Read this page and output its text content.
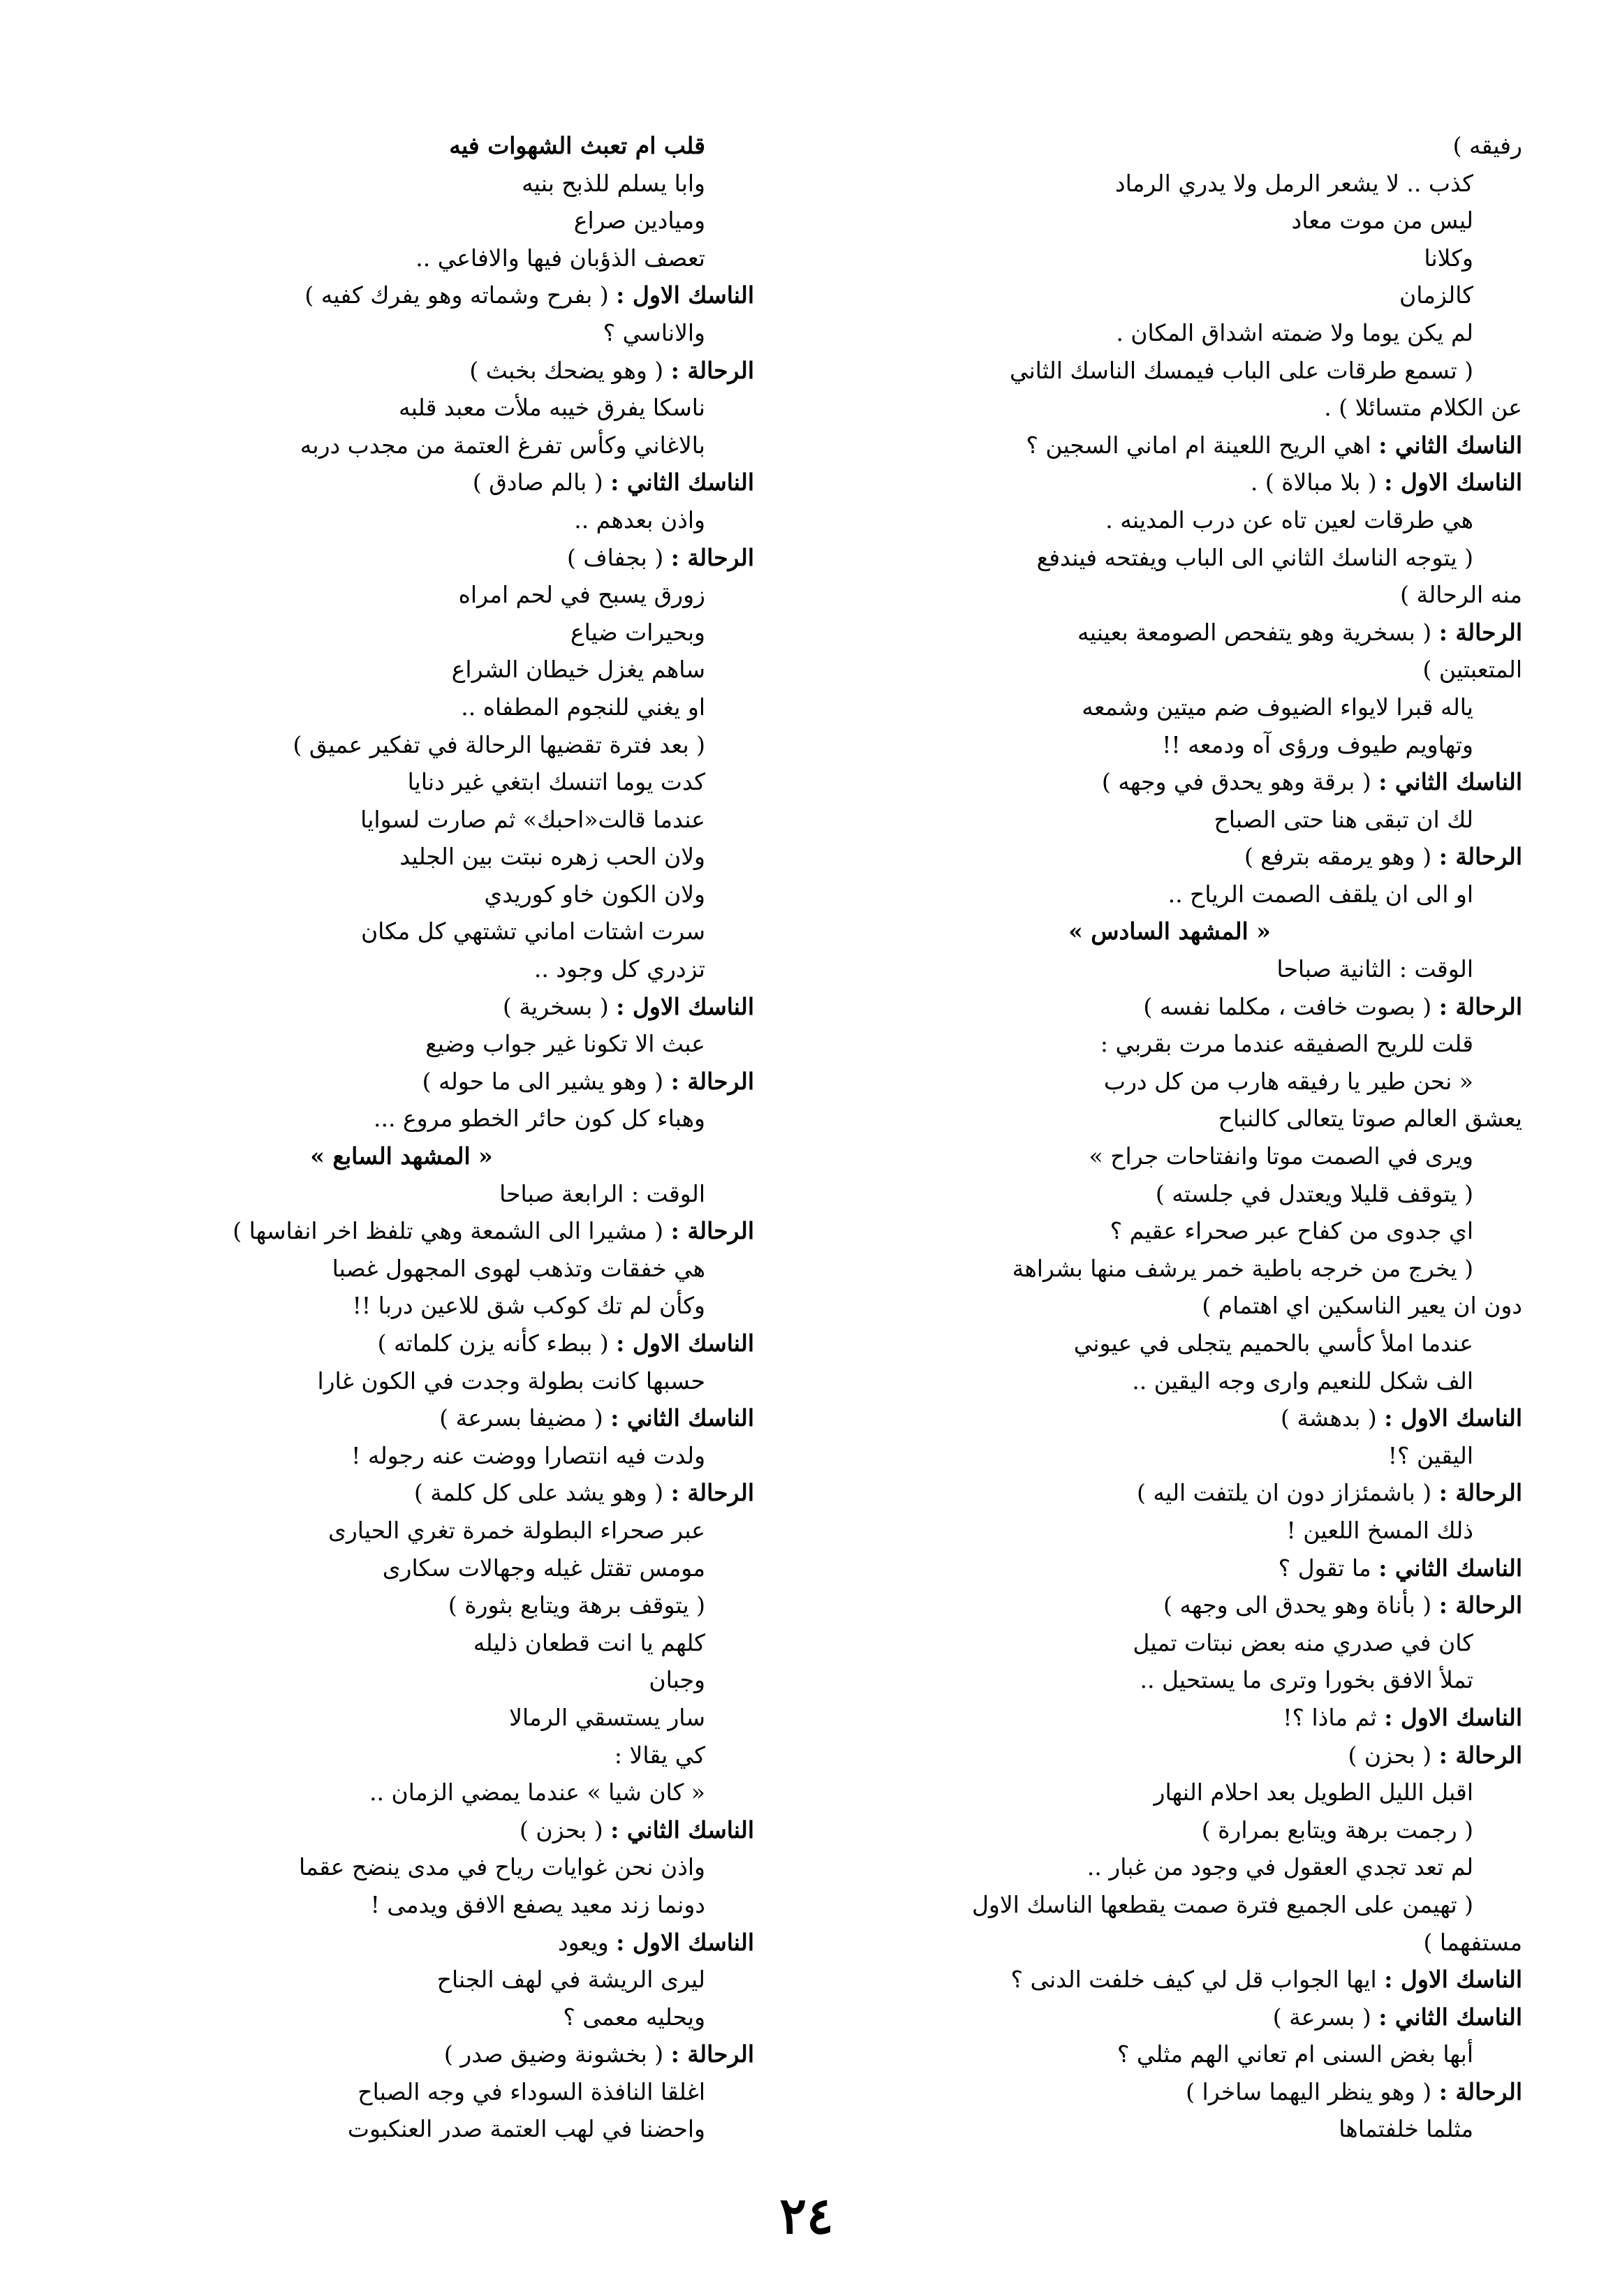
رفيقه )
كذب .. لا يشعر الرمل ولا يدري الرماد
ليس من موت معاد
وكلانا
كالزمان
لم يكن يوما ولا ضمته اشداق المكان .
( تسمع طرقات على الباب فيمسك الناسك الثاني
عن الكلام متسائلا ) .
الناسك الثاني : اهي الريح اللعينة ام اماني السجين ؟
الناسك الاول : ( بلا مبالاة ) .
هي طرقات لعين تاه عن درب المدينه .
( يتوجه الناسك الثاني الى الباب ويفتحه فيندفع
منه الرحالة )
الرحالة : ( بسخرية وهو يتفحص الصومعة بعينيه
المتعبتين )
ياله قبرا لايواء الضيوف ضم ميتين وشمعه
وتهاويم طيوف ورؤى آه ودمعه !!
الناسك الثاني : ( برقة وهو يحدق في وجهه )
لك ان تبقى هنا حتى الصباح
الرحالة : ( وهو يرمقه بترفع )
او الى ان يلقف الصمت الرياح ..
« المشهد السادس »
الوقت : الثانية صباحا
الرحالة : ( بصوت خافت ، مكلما نفسه )
قلت للريح الصفيقه عندما مرت بقربي :
« نحن طير يا رفيقه هارب من كل درب
يعشق العالم صوتا يتعالى كالنباح
ويرى في الصمت موتا وانفتاحات جراح »
( يتوقف قليلا ويعتدل في جلسته )
اي جدوى من كفاح عبر صحراء عقيم ؟
( يخرج من خرجه باطية خمر يرشف منها بشراهة
دون ان يعير الناسكين اي اهتمام )
عندما املأ كأسي بالحميم يتجلى في عيوني
الف شكل للنعيم وارى وجه اليقين ..
الناسك الاول : ( بدهشة )
اليقين ؟!
الرحالة : ( باشمئزاز دون ان يلتفت اليه )
ذلك المسخ اللعين !
الناسك الثاني : ما تقول ؟
الرحالة : ( بأناة وهو يحدق الى وجهه )
كان في صدري منه بعض نبتات تميل
تملأ الافق بخورا وترى ما يستحيل ..
الناسك الاول : ثم ماذا ؟!
الرحالة : ( بحزن )
اقبل الليل الطويل بعد احلام النهار
( رجمت برهة ويتابع بمرارة )
لم تعد تجدي العقول في وجود من غبار ..
( تهيمن على الجميع فترة صمت يقطعها الناسك الاول
مستفهما )
الناسك الاول : ايها الجواب قل لي كيف خلفت الدنى ؟
الناسك الثاني : ( بسرعة )
أبها بغض السنى ام تعاني الهم مثلي ؟
الرحالة : ( وهو ينظر اليهما ساخرا )
مثلما خلفتماها
قلب ام تعبث الشهوات فيه
وابا يسلم للذبح بنيه
وميادين صراع
تعصف الذؤبان فيها والافاعي ..
الناسك الاول : ( بفرح وشماته وهو يفرك كفيه )
والاناسي ؟
الرحالة : ( وهو يضحك بخبث )
ناسكا يفرق خيبه ملأت معبد قلبه
بالاغاني وكأس تفرغ العتمة من مجدب دربه
الناسك الثاني : ( بالم صادق )
واذن بعدهم ..
الرحالة : ( بجفاف )
زورق يسبح في لحم امراه
وبحيرات ضياع
ساهم يغزل خيطان الشراع
او يغني للنجوم المطفاه ..
( بعد فترة تقضيها الرحالة في تفكير عميق )
كدت يوما اتنسك ابتغي غير دنايا
عندما قالت«احبك» ثم صارت لسوايا
ولان الحب زهره نبتت بين الجليد
ولان الكون خاو كوريدي
سرت اشتات اماني تشتهي كل مكان
تزدري كل وجود ..
الناسك الاول : ( بسخرية )
عبث الا تكونا غير جواب وضيع
الرحالة : ( وهو يشير الى ما حوله )
وهباء كل كون حائر الخطو مروع ...
« المشهد السابع »
الوقت : الرابعة صباحا
الرحالة : ( مشيرا الى الشمعة وهي تلفظ اخر انفاسها )
هي خفقات وتذهب لهوى المجهول غصبا
وكأن لم تك كوكب شق للاعين دربا !!
الناسك الاول : ( ببطء كأنه يزن كلماته )
حسبها كانت بطولة وجدت في الكون غارا
الناسك الثاني : ( مضيفا بسرعة )
ولدت فيه انتصارا ووضت عنه رجوله !
الرحالة : ( وهو يشد على كل كلمة )
عبر صحراء البطولة خمرة تغري الحيارى
مومس تقتل غيله وجهالات سكارى
( يتوقف برهة ويتابع بثورة )
كلهم يا انت قطعان ذليله
وجبان
سار يستسقي الرمالا
كي يقالا :
« كان شيا » عندما يمضي الزمان ..
الناسك الثاني : ( بحزن )
واذن نحن غوايات رياح في مدى ينضح عقما
دونما زند معيد يصفع الافق ويدمى !
الناسك الاول : ويعود
ليرى الريشة في لهف الجناح
ويحليه معمى ؟
الرحالة : ( بخشونة وضيق صدر )
اغلقا النافذة السوداء في وجه الصباح
واحضنا في لهب العتمة صدر العنكبوت
٢٤
